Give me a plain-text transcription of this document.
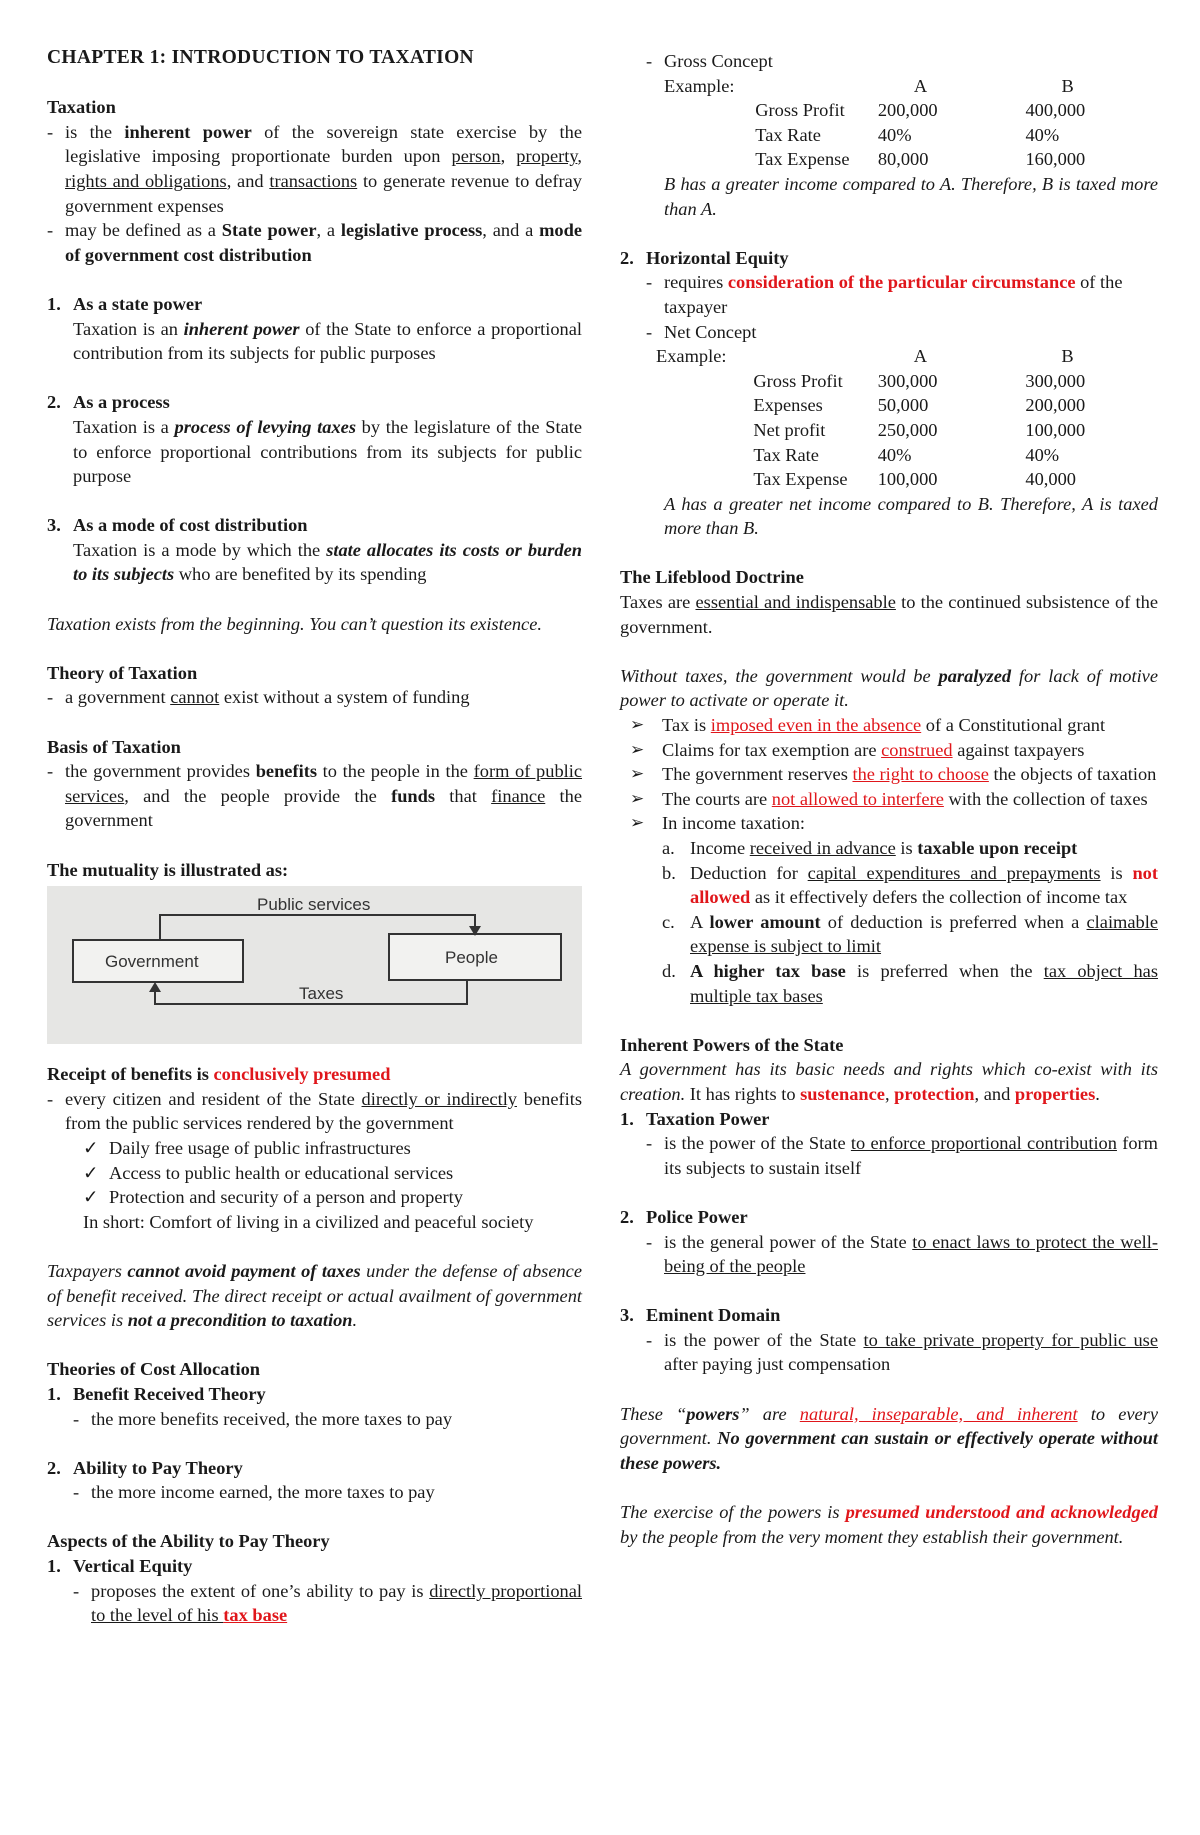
CHAPTER 1: INTRODUCTION TO TAXATION
Taxation
- is the inherent power of the sovereign state exercise by the legislative imposing proportionate burden upon person, property, rights and obligations, and transactions to generate revenue to defray government expenses
- may be defined as a State power, a legislative process, and a mode of government cost distribution
1. As a state power
Taxation is an inherent power of the State to enforce a proportional contribution from its subjects for public purposes
2. As a process
Taxation is a process of levying taxes by the legislature of the State to enforce proportional contributions from its subjects for public purpose
3. As a mode of cost distribution
Taxation is a mode by which the state allocates its costs or burden to its subjects who are benefited by its spending
Taxation exists from the beginning. You can’t question its existence.
Theory of Taxation
- a government cannot exist without a system of funding
Basis of Taxation
- the government provides benefits to the people in the form of public services, and the people provide the funds that finance the government
The mutuality is illustrated as:
Public services
Government	People
Taxes
Receipt of benefits is conclusively presumed
- every citizen and resident of the State directly or indirectly benefits from the public services rendered by the government
✓ Daily free usage of public infrastructures
✓ Access to public health or educational services
✓ Protection and security of a person and property
In short: Comfort of living in a civilized and peaceful society
Taxpayers cannot avoid payment of taxes under the defense of absence of benefit received. The direct receipt or actual availment of government services is not a precondition to taxation.
Theories of Cost Allocation
1. Benefit Received Theory
- the more benefits received, the more taxes to pay
2. Ability to Pay Theory
- the more income earned, the more taxes to pay
Aspects of the Ability to Pay Theory
1. Vertical Equity
- proposes the extent of one’s ability to pay is directly proportional to the level of his tax base
- Gross Concept
Example:		A	B
	Gross Profit	200,000	400,000
	Tax Rate	40%	40%
	Tax Expense	80,000	160,000
B has a greater income compared to A. Therefore, B is taxed more than A.
2. Horizontal Equity
- requires consideration of the particular circumstance of the taxpayer
- Net Concept
Example:		A	B
	Gross Profit	300,000	300,000
	Expenses	50,000	200,000
	Net profit	250,000	100,000
	Tax Rate	40%	40%
	Tax Expense	100,000	40,000
A has a greater net income compared to B. Therefore, A is taxed more than B.
The Lifeblood Doctrine
Taxes are essential and indispensable to the continued subsistence of the government.
Without taxes, the government would be paralyzed for lack of motive power to activate or operate it.
➢ Tax is imposed even in the absence of a Constitutional grant
➢ Claims for tax exemption are construed against taxpayers
➢ The government reserves the right to choose the objects of taxation
➢ The courts are not allowed to interfere with the collection of taxes
➢ In income taxation:
a. Income received in advance is taxable upon receipt
b. Deduction for capital expenditures and prepayments is not allowed as it effectively defers the collection of income tax
c. A lower amount of deduction is preferred when a claimable expense is subject to limit
d. A higher tax base is preferred when the tax object has multiple tax bases
Inherent Powers of the State
A government has its basic needs and rights which co-exist with its creation. It has rights to sustenance, protection, and properties.
1. Taxation Power
- is the power of the State to enforce proportional contribution form its subjects to sustain itself
2. Police Power
- is the general power of the State to enact laws to protect the well-being of the people
3. Eminent Domain
- is the power of the State to take private property for public use after paying just compensation
These “powers” are natural, inseparable, and inherent to every government. No government can sustain or effectively operate without these powers.
The exercise of the powers is presumed understood and acknowledged by the people from the very moment they establish their government.
